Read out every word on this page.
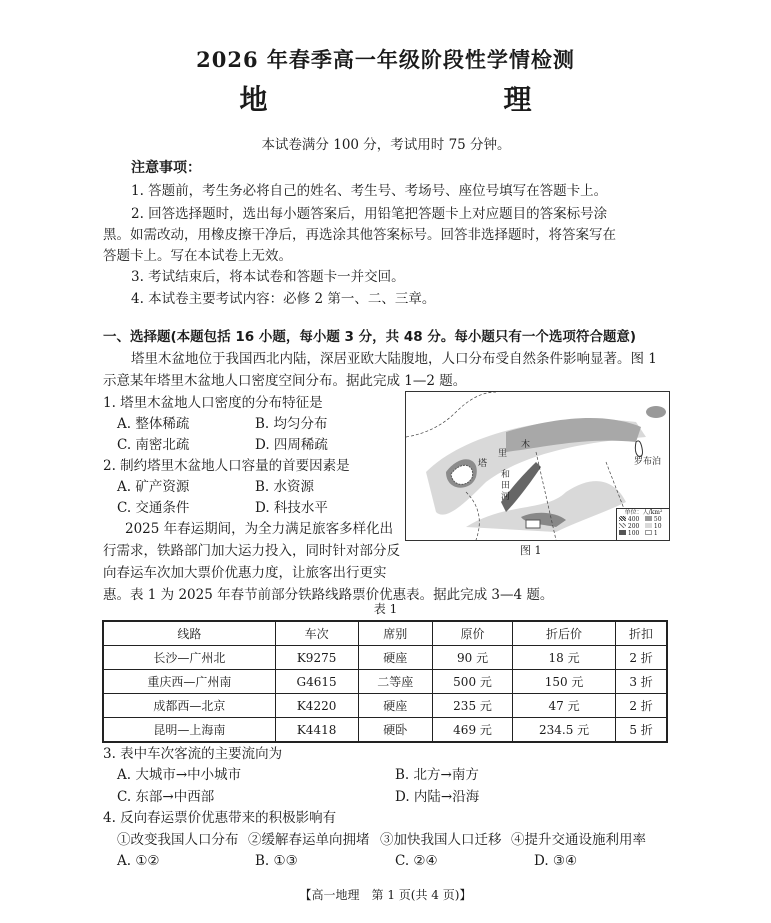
2026 年春季高一年级阶段性学情检测
地　　理
本试卷满分 100 分，考试用时 75 分钟。
注意事项：
1. 答题前，考生务必将自己的姓名、考生号、考场号、座位号填写在答题卡上。
2. 回答选择题时，选出每小题答案后，用铅笔把答题卡上对应题目的答案标号涂
黑。如需改动，用橡皮擦干净后，再选涂其他答案标号。回答非选择题时，将答案写在
答题卡上。写在本试卷上无效。
3. 考试结束后，将本试卷和答题卡一并交回。
4. 本试卷主要考试内容：必修 2 第一、二、三章。
一、选择题(本题包括 16 小题，每小题 3 分，共 48 分。每小题只有一个选项符合题意)
塔里木盆地位于我国西北内陆，深居亚欧大陆腹地，人口分布受自然条件影响显著。图 1
示意某年塔里木盆地人口密度空间分布。据此完成 1—2 题。
1. 塔里木盆地人口密度的分布特征是
A. 整体稀疏	B. 均匀分布
C. 南密北疏	D. 四周稀疏
2. 制约塔里木盆地人口容量的首要因素是
A. 矿产资源	B. 水资源
C. 交通条件	D. 科技水平
2025 年春运期间，为全力满足旅客多样化出
行需求，铁路部门加大运力投入，同时针对部分反
向春运车次加大票价优惠力度，让旅客出行更实
惠。表 1 为 2025 年春节前部分铁路线路票价优惠表。据此完成 3—4 题。
罗布泊
塔
里
木
和
田
河
单位：人/km²
400
200
100
50
10
1
图 1
表 1
线路	车次	席别	原价	折后价	折扣
长沙—广州北	K9275	硬座	90 元	18 元	2 折
重庆西—广州南	G4615	二等座	500 元	150 元	3 折
成都西—北京	K4220	硬座	235 元	47 元	2 折
昆明—上海南	K4418	硬卧	469 元	234.5 元	5 折
3. 表中车次客流的主要流向为
A. 大城市→中小城市	B. 北方→南方
C. 东部→中西部	D. 内陆→沿海
4. 反向春运票价优惠带来的积极影响有
①改变我国人口分布 ②缓解春运单向拥堵 ③加快我国人口迁移 ④提升交通设施利用率
A. ①②	B. ①③	C. ②④	D. ③④
【高一地理　第 1 页(共 4 页)】
